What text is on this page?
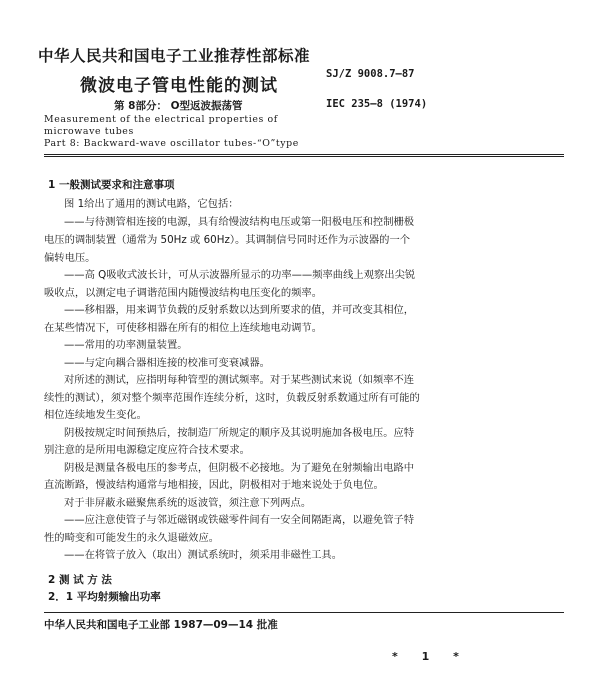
中华人民共和国电子工业推荐性部标准
微波电子管电性能的测试
SJ/Z 9008.7—87
第 8部分： O型返波振荡管	IEC 235—8 (1974)
Measurement of the electrical properties of
microwave tubes
Part 8: Backward-wave oscillator tubes-“O”type
1 一般测试要求和注意事项
图 1给出了通用的测试电路，它包括：
——与待测管相连接的电源，具有给慢波结构电压或第一阳极电压和控制栅极
电压的调制装置（通常为 50Hz 或 60Hz）。其调制信号同时还作为示波器的一个
偏转电压。
——高 Q吸收式波长计，可从示波器所显示的功率——频率曲线上观察出尖锐
吸收点，以测定电子调谐范围内随慢波结构电压变化的频率。
——移相器，用来调节负载的反射系数以达到所要求的值，并可改变其相位，
在某些情况下，可使移相器在所有的相位上连续地电动调节。
——常用的功率测量装置。
——与定向耦合器相连接的校准可变衰减器。
对所述的测试，应指明每种管型的测试频率。对于某些测试来说（如频率不连
续性的测试），须对整个频率范围作连续分析，这时，负载反射系数通过所有可能的
相位连续地发生变化。
阴极按规定时间预热后，按制造厂所规定的顺序及其说明施加各极电压。应特
别注意的是所用电源稳定度应符合技术要求。
阴极是测量各极电压的参考点，但阴极不必接地。为了避免在射频输出电路中
直流断路，慢波结构通常与地相接，因此，阴极相对于地来说处于负电位。
对于非屏蔽永磁聚焦系统的返波管，须注意下列两点。
——应注意使管子与邻近磁钢或铁磁零件间有一安全间隔距离，以避免管子特
性的畸变和可能发生的永久退磁效应。
——在将管子放入（取出）测试系统时，须采用非磁性工具。
2 测 试 方 法
2．1 平均射频输出功率
中华人民共和国电子工业部 1987—09—14 批准
* 1 *
